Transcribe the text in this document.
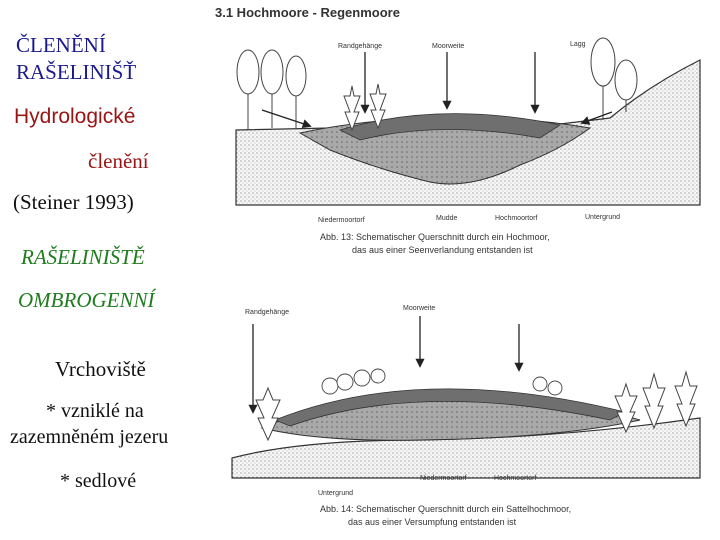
ČLENĚNÍ

RAŠELINIŠŤ

Hydrologické

členění

(Steiner 1993)

RAŠELINIŠTĚ

OMBROGENNÍ

Vrchoviště

* vzniklé na

zazemněném jezeru

* sedlové

3.1 Hochmoore - Regenmoore
Randgehänge	Moorweite	Lagg
Niedermoortorf	Mudde	Hochmoortorf	Untergrund
Abb. 13: Schematischer Querschnitt durch ein Hochmoor,
das aus einer Seenverlandung entstanden ist
Randgehänge
Moorweite
Untergrund
Niedermoortorf	Hochmoortorf
Abb. 14: Schematischer Querschnitt durch ein Sattelhochmoor,
das aus einer Versumpfung entstanden ist
